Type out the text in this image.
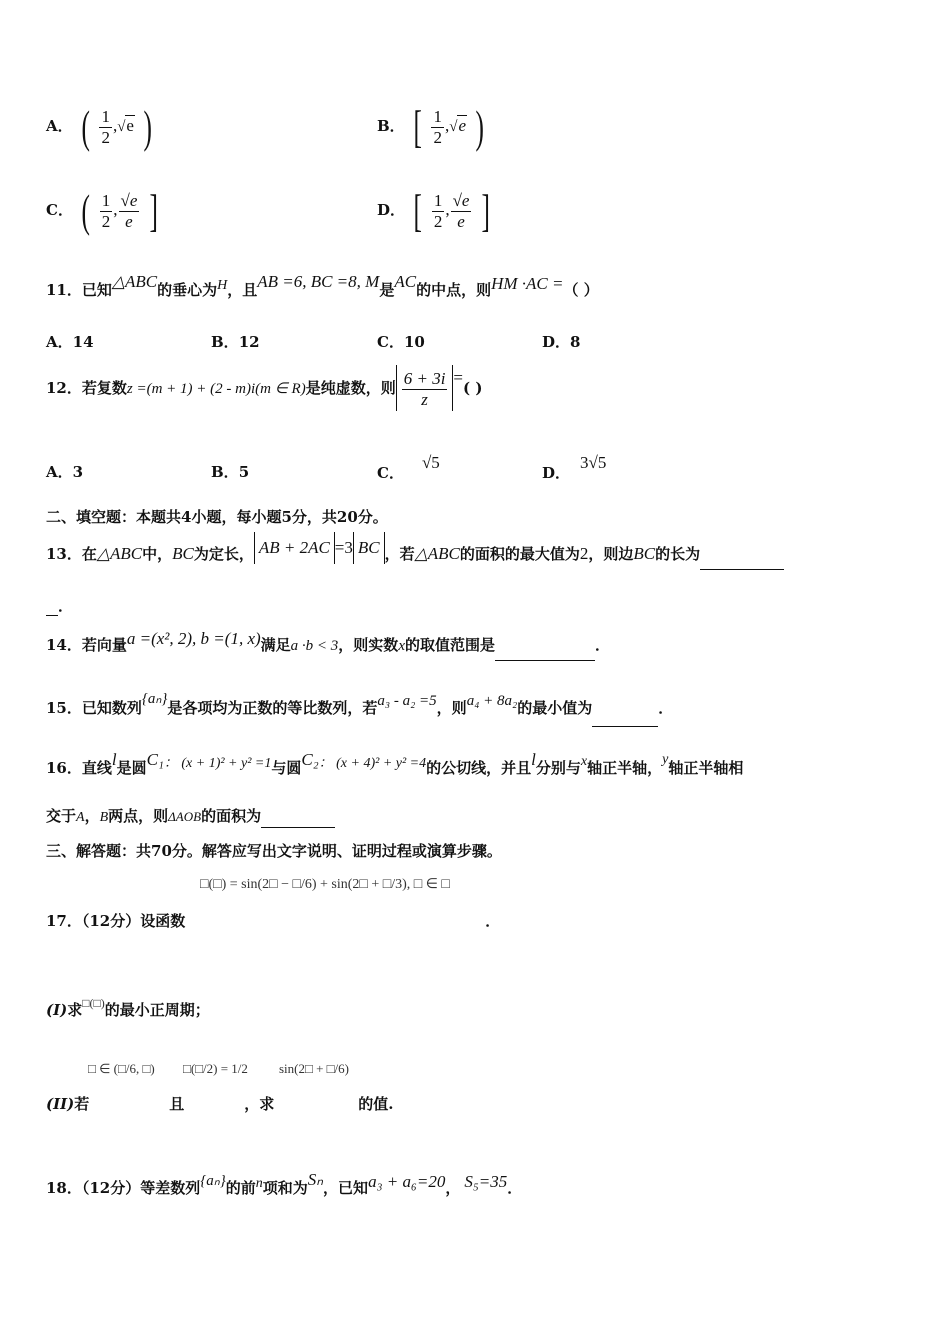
A． ( $\frac{1}{2} ,√e$ )	B． [ $\frac{1}{2} ,√e$ )
C． ( $\frac{1}{2}$ , $\frac{√e}{e}$ ]	D． [ $\frac{1}{2}$ , $\frac{√e}{e}$ ]
11．已知△ABC的垂心为H，且AB =6, BC =8, M是AC的中点，则HM ·AC =（ ）
A．14	B．12	C．10	D．8
12．若复数z =(m + 1) + (2 - m)i(m ∈ R)是纯虚数，则 $\frac{6 + 3i}{z}$ =( )
A．3	B．5	C．√5
D．3√5
二、填空题：本题共4小题，每小题5分，共20分。
13．在△ABC中，BC为定长， AB + 2AC =3 BC ，若△ABC的面积的最大值为2，则边BC的长为
．
14．若向量a =(x², 2), b =(1, x)满足a ·b < 3，则实数x的取值范围是	．
15．已知数列{aₙ}是各项均为正数的等比数列，若a₃ - a₂ =5，则a₄ + 8a₂的最小值为	．
16．直线l是圆C₁： (x + 1)² + y² =1与圆C₂： (x + 4)² + y² =4的公切线，并且l分别与x轴正半轴，y轴正半轴相
交于A，B两点，则ΔAOB的面积为
三、解答题：共70分。解答应写出文字说明、证明过程或演算步骤。
□(□) = sin(2□ − □/6) + sin(2□ + □/3), □ ∈ □
17．（12分）设函数	．
(I)求□(□)的最小正周期；
□ ∈ (□/6, □) □(□/2) = 1/2 sin(2□ + □/6)
(II)若	且	，求	的值.
18．（12分）等差数列{aₙ}的前n项和为Sₙ，已知a₃ + a₆=20， S₅=35．
